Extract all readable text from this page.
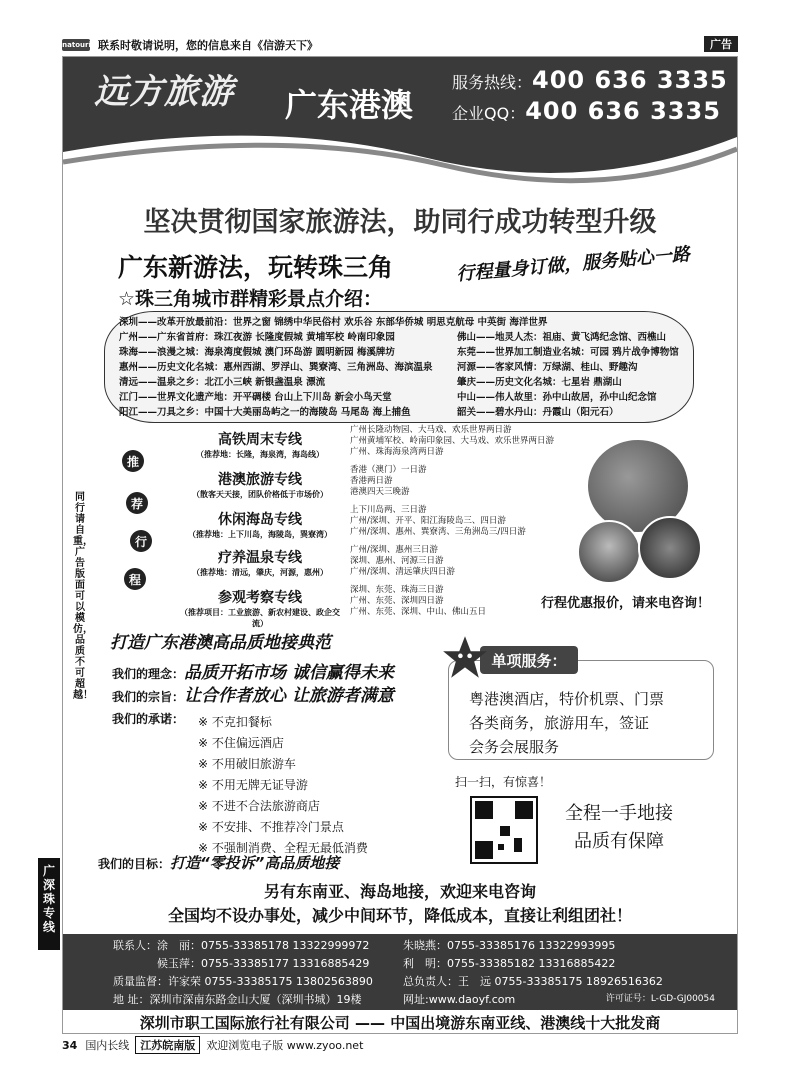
Chinatourism
联系时敬请说明，您的信息来自《信游天下》	广告
远方旅游 广东港澳
服务热线：400 636 3335
企业QQ：400 636 3335
坚决贯彻国家旅游法，助同行成功转型升级
广东新游法，玩转珠三角	行程量身订做，服务贴心一路
☆珠三角城市群精彩景点介绍：
深圳——改革开放最前沿：世界之窗 锦绣中华民俗村 欢乐谷 东部华侨城 明思克航母 中英街 海洋世界
广州——广东省首府：珠江夜游 长隆度假城 黄埔军校 岭南印象园
珠海——浪漫之城：海泉湾度假城 澳门环岛游 圆明新园 梅溪牌坊
惠州——历史文化名城：惠州西湖、罗浮山、巽寮湾、三角洲岛、海滨温泉
清远——温泉之乡：北江小三峡 新银盏温泉 漂流
江门——世界文化遗产地：开平碉楼 台山上下川岛 新会小鸟天堂
阳江——刀具之乡：中国十大美丽岛屿之一的海陵岛 马尾岛 海上捕鱼
佛山——地灵人杰：祖庙、黄飞鸿纪念馆、西樵山
东莞——世界加工制造业名城：可园 鸦片战争博物馆
河源——客家风情：万绿湖、桂山、野趣沟
肇庆——历史文化名城：七星岩 鼎湖山
中山——伟人故里：孙中山故居，孙中山纪念馆
韶关——碧水丹山：丹霞山（阳元石）
推
荐
行
程
高铁周末专线
（推荐地：长隆，海泉湾，海岛线）
广州长隆动物园、大马戏、欢乐世界两日游
广州黄埔军校、岭南印象园、大马戏、欢乐世界两日游
广州、珠海海泉湾两日游
港澳旅游专线
（散客天天接，团队价格低于市场价）
香港（澳门）一日游
香港两日游
港澳四天三晚游
休闲海岛专线
（推荐地：上下川岛，海陵岛，巽寮湾）
上下川岛两、三日游
广州/深圳、开平、阳江海陵岛三、四日游
广州/深圳、惠州、巽寮湾、三角洲岛三/四日游
疗养温泉专线
（推荐地：清远，肇庆，河源，惠州）
广州/深圳、惠州三日游
深圳、惠州、河源三日游
广州/深圳、清远肇庆四日游
参观考察专线
（推荐项目：工业旅游、新农村建设、政企交流）
深圳、东莞、珠海三日游
广州、东莞、深圳四日游
广州、东莞、深圳、中山、佛山五日
同行请自重，广告版面可以模仿，品质不可超越！
广深珠专线
行程优惠报价，请来电咨询！
打造广东港澳高品质地接典范
我们的理念：品质开拓市场 诚信赢得未来
我们的宗旨：让合作者放心 让旅游者满意
我们的承诺：	※ 不克扣餐标
※ 不住偏远酒店
※ 不用破旧旅游车
※ 不用无牌无证导游
※ 不进不合法旅游商店
※ 不安排、不推荐冷门景点
※ 不强制消费、全程无最低消费
我们的目标：打造“零投诉”高品质地接
粤港澳酒店，特价机票、门票
各类商务，旅游用车，签证
会务会展服务
单项服务：
扫一扫，有惊喜！
全程一手地接
品质有保障
另有东南亚、海岛地接，欢迎来电咨询
全国均不设办事处，减少中间环节，降低成本，直接让利组团社！
联系人：涂　丽：0755-33385178 13322999972	朱晓燕：0755-33385176 13322993995
　　　　候玉萍：0755-33385177 13316885429	利　明：0755-33385182 13316885422
质量监督：许家荣 0755-33385175 13802563890	总负责人：王　远 0755-33385175 18926516362
地 址：深圳市深南东路金山大厦（深圳书城）19楼	网址:www.daoyf.com	许可证号：L-GD-GJ00054
深圳市职工国际旅行社有限公司 —— 中国出境游东南亚线、港澳线十大批发商
34 国内长线	江苏皖南版	欢迎浏览电子版 www.zyoo.net
